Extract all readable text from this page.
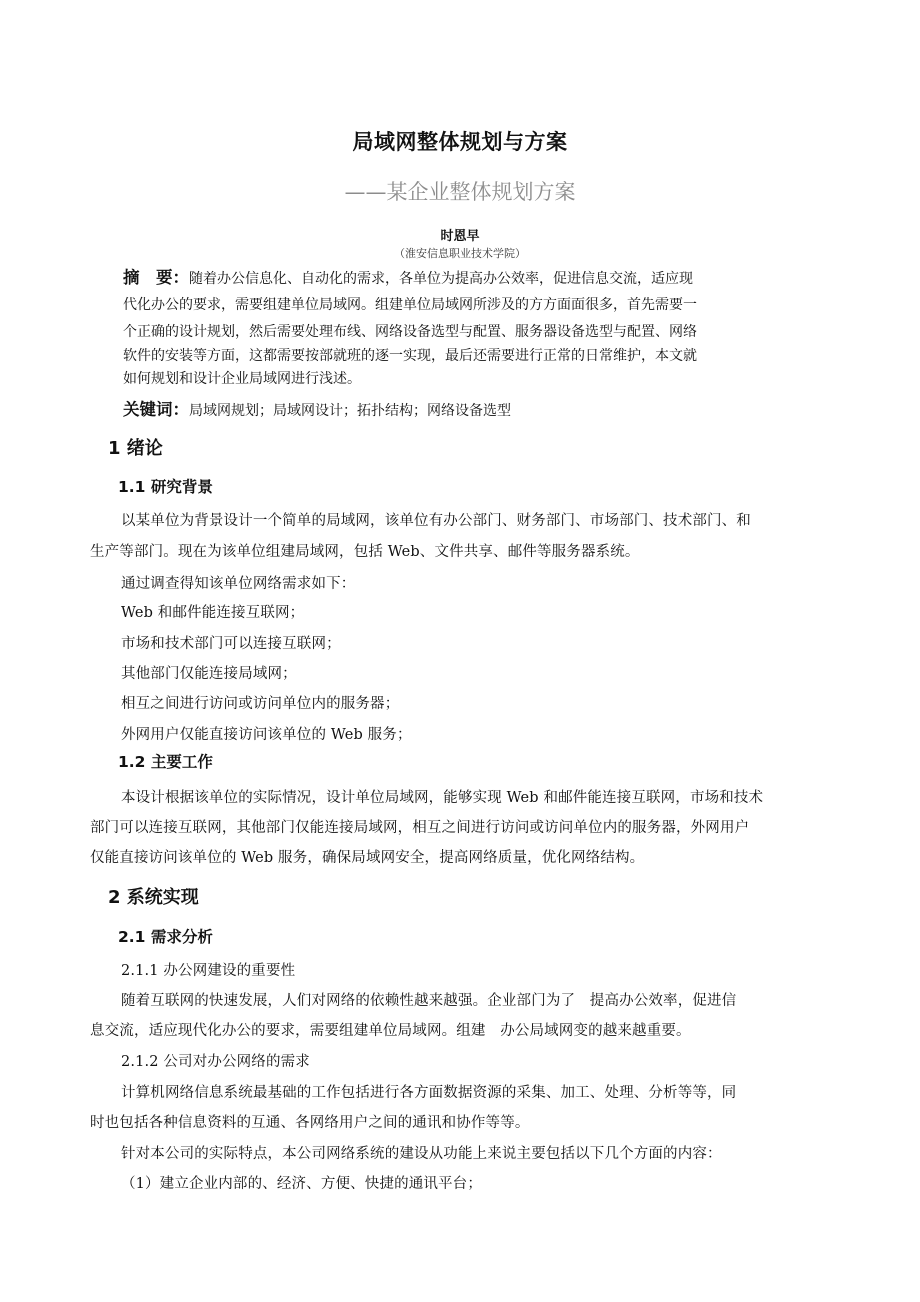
局域网整体规划与方案
——某企业整体规划方案
时恩早
（淮安信息职业技术学院）
摘　要：随着办公信息化、自动化的需求，各单位为提高办公效率，促进信息交流，适应现
代化办公的要求，需要组建单位局域网。组建单位局域网所涉及的方方面面很多，首先需要一
个正确的设计规划，然后需要处理布线、网络设备选型与配置、服务器设备选型与配置、网络
软件的安装等方面，这都需要按部就班的逐一实现，最后还需要进行正常的日常维护，本文就
如何规划和设计企业局域网进行浅述。
关键词：局域网规划；局域网设计；拓扑结构；网络设备选型
1 绪论
1.1 研究背景
以某单位为背景设计一个简单的局域网，该单位有办公部门、财务部门、市场部门、技术部门、和
生产等部门。现在为该单位组建局域网，包括 Web、文件共享、邮件等服务器系统。
通过调查得知该单位网络需求如下：
Web 和邮件能连接互联网；
市场和技术部门可以连接互联网；
其他部门仅能连接局域网；
相互之间进行访问或访问单位内的服务器；
外网用户仅能直接访问该单位的 Web 服务；
1.2 主要工作
本设计根据该单位的实际情况，设计单位局域网，能够实现 Web 和邮件能连接互联网，市场和技术
部门可以连接互联网，其他部门仅能连接局域网，相互之间进行访问或访问单位内的服务器，外网用户
仅能直接访问该单位的 Web 服务，确保局域网安全，提高网络质量，优化网络结构。
2 系统实现
2.1 需求分析
2.1.1 办公网建设的重要性
随着互联网的快速发展，人们对网络的依赖性越来越强。企业部门为了　提高办公效率，促进信
息交流，适应现代化办公的要求，需要组建单位局域网。组建　办公局域网变的越来越重要。
2.1.2 公司对办公网络的需求
计算机网络信息系统最基础的工作包括进行各方面数据资源的采集、加工、处理、分析等等，同
时也包括各种信息资料的互通、各网络用户之间的通讯和协作等等。
针对本公司的实际特点，本公司网络系统的建设从功能上来说主要包括以下几个方面的内容：
（1）建立企业内部的、经济、方便、快捷的通讯平台；
